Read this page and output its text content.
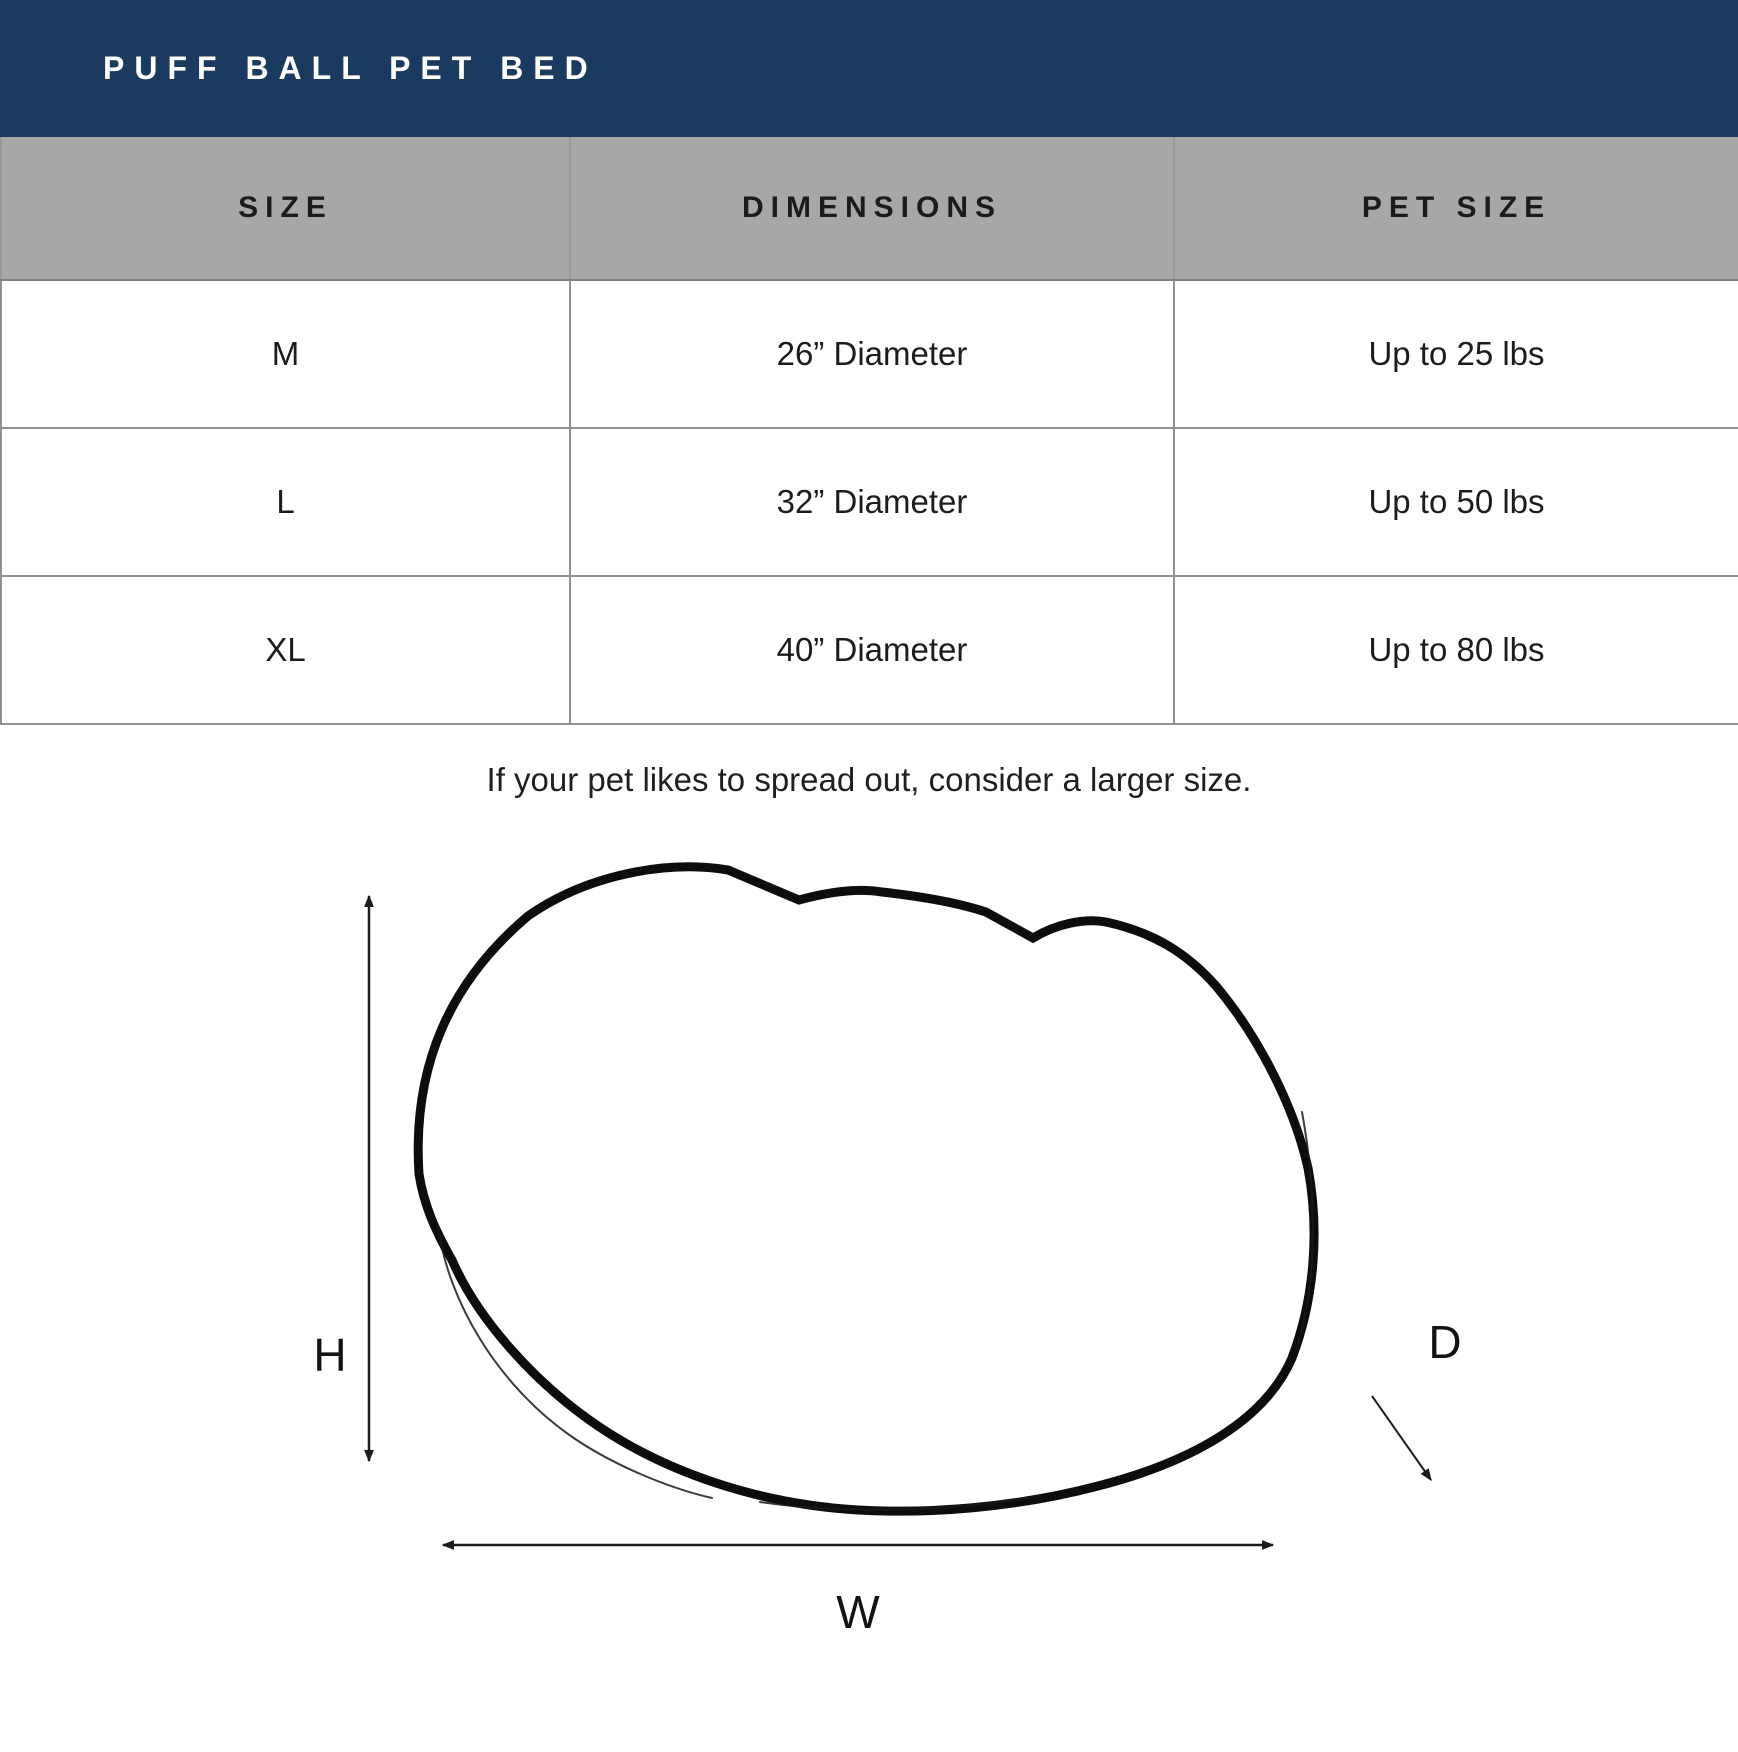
PUFF BALL PET BED
SIZE	DIMENSIONS	PET SIZE
M	26” Diameter	Up to 25 lbs
L	32” Diameter	Up to 50 lbs
XL	40” Diameter	Up to 80 lbs
If your pet likes to spread out, consider a larger size.
H
W
D
